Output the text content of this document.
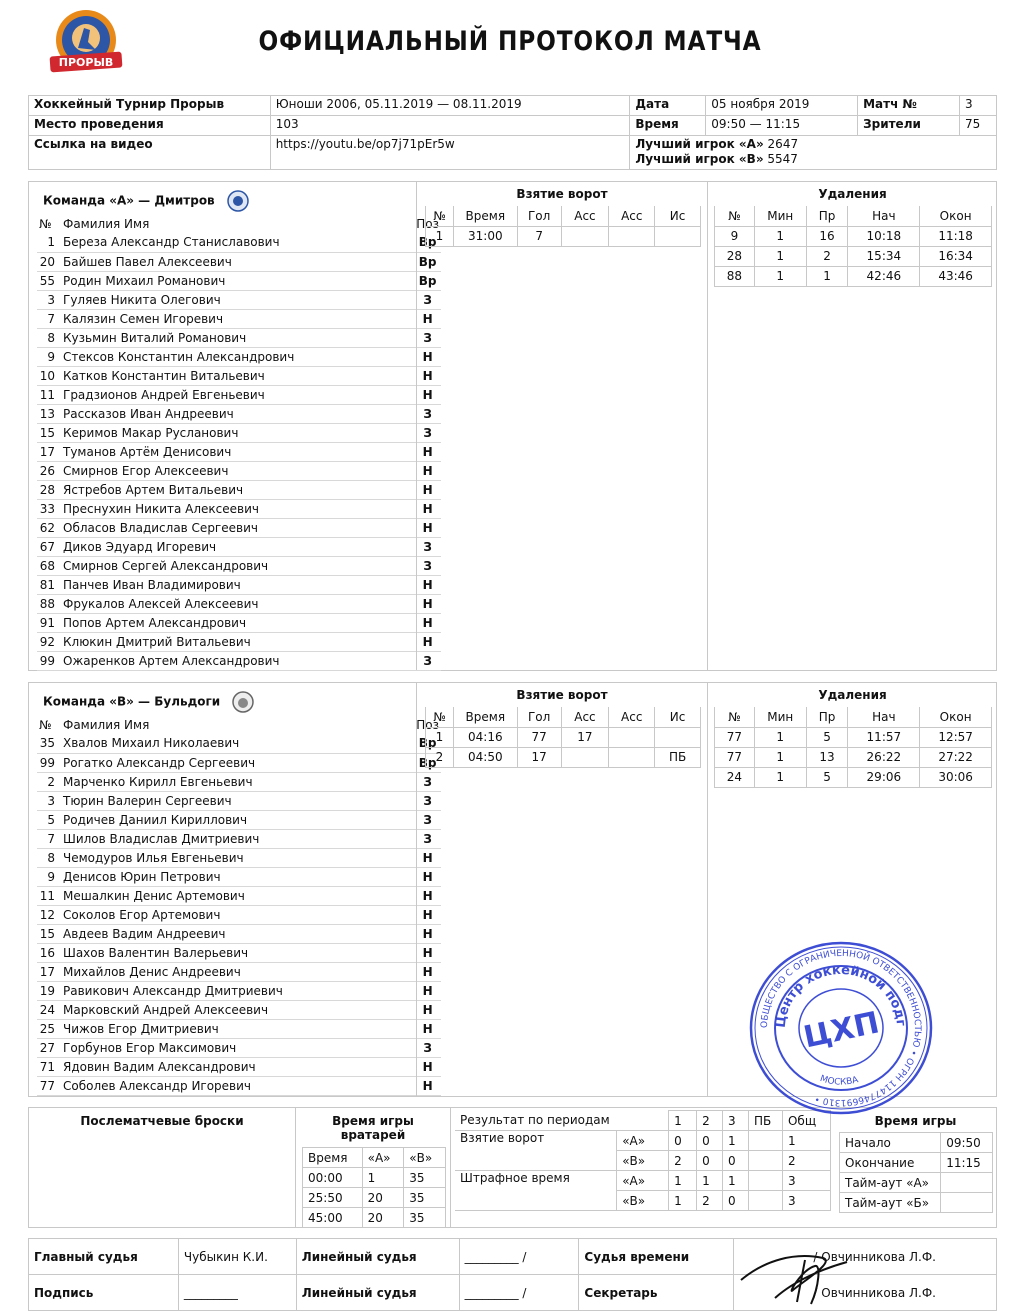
ПРОРЫВ
ОФИЦИАЛЬНЫЙ ПРОТОКОЛ МАТЧА
Хоккейный Турнир Прорыв	Юноши 2006, 05.11.2019 — 08.11.2019	Дата	05 ноября 2019	Матч №	3
Место проведения	103	Время	09:50 — 11:15	Зрители	75
Ссылка на видео	https://youtu.be/op7j71pEr5w	Лучший игрок «А» 2647
Лучший игрок «В» 5547			
Команда «А» — Дмитров
№	Фамилия Имя	Поз
1	Береза Александр Станиславович	Вр
20	Байшев Павел Алексеевич	Вр
55	Родин Михаил Романович	Вр
3	Гуляев Никита Олегович	З
7	Калязин Семен Игоревич	Н
8	Кузьмин Виталий Романович	З
9	Стексов Константин Александрович	Н
10	Катков Константин Витальевич	Н
11	Градзионов Андрей Евгеньевич	Н
13	Рассказов Иван Андреевич	З
15	Керимов Макар Русланович	З
17	Туманов Артём Денисович	Н
26	Смирнов Егор Алексеевич	Н
28	Ястребов Артем Витальевич	Н
33	Преснухин Никита Алексеевич	Н
62	Обласов Владислав Сергеевич	Н
67	Диков Эдуард Игоревич	З
68	Смирнов Сергей Александрович	З
81	Панчев Иван Владимирович	Н
88	Фрукалов Алексей Алексеевич	Н
91	Попов Артем Александрович	Н
92	Клюкин Дмитрий Витальевич	Н
99	Ожаренков Артем Александрович	З
Взятие ворот
№	Время	Гол	Асс	Асс	Ис
1	31:00	7			
Удаления
№	Мин	Пр	Нач	Окон
9	1	16	10:18	11:18
28	1	2	15:34	16:34
88	1	1	42:46	43:46
Команда «В» — Бульдоги
№	Фамилия Имя	Поз
35	Хвалов Михаил Николаевич	Вр
99	Рогатко Александр Сергеевич	Вр
2	Марченко Кирилл Евгеньевич	З
3	Тюрин Валерин Сергеевич	З
5	Родичев Даниил Кириллович	З
7	Шилов Владислав Дмитриевич	З
8	Чемодуров Илья Евгеньевич	Н
9	Денисов Юрин Петрович	Н
11	Мешалкин Денис Артемович	Н
12	Соколов Егор Артемович	Н
15	Авдеев Вадим Андреевич	Н
16	Шахов Валентин Валерьевич	Н
17	Михайлов Денис Андреевич	Н
19	Равикович Александр Дмитриевич	Н
24	Марковский Андрей Алексеевич	Н
25	Чижов Егор Дмитриевич	Н
27	Горбунов Егор Максимович	З
71	Ядовин Вадим Александрович	Н
77	Соболев Александр Игоревич	Н
Взятие ворот
№	Время	Гол	Асс	Асс	Ис
1	04:16	77	17		
2	04:50	17			ПБ
Удаления
№	Мин	Пр	Нач	Окон
77	1	5	11:57	12:57
77	1	13	26:22	27:22
24	1	5	29:06	30:06
Послематчевые броски	Время игры вратарей
Время	«А»	«В»
00:00	1	35
25:50	20	35
45:00	20	35
Результат по периодам		1	2	3	ПБ	Общ
Взятие ворот	«А»	0	0	1		1
	«В»	2	0	0		2
Штрафное время	«А»	1	1	1		3
	«В»	1	2	0		3
Время игры
Начало	09:50
Окончание	11:15
Тайм-аут «А»	
Тайм-аут «Б»	
Главный судья	Чубыкин К.И.	Линейный судья	_________ /	Судья времени	/ Овчинникова Л.Ф.
Подпись	_________	Линейный судья	_________ /	Секретарь	/ Овчинникова Л.Ф.
ОБЩЕСТВО С ОГРАНИЧЕННОЙ ОТВЕТСТВЕННОСТЬЮ • ОГРН 1147746691310 •
Центр хоккейной подг
МОСКВА
ЦХП
